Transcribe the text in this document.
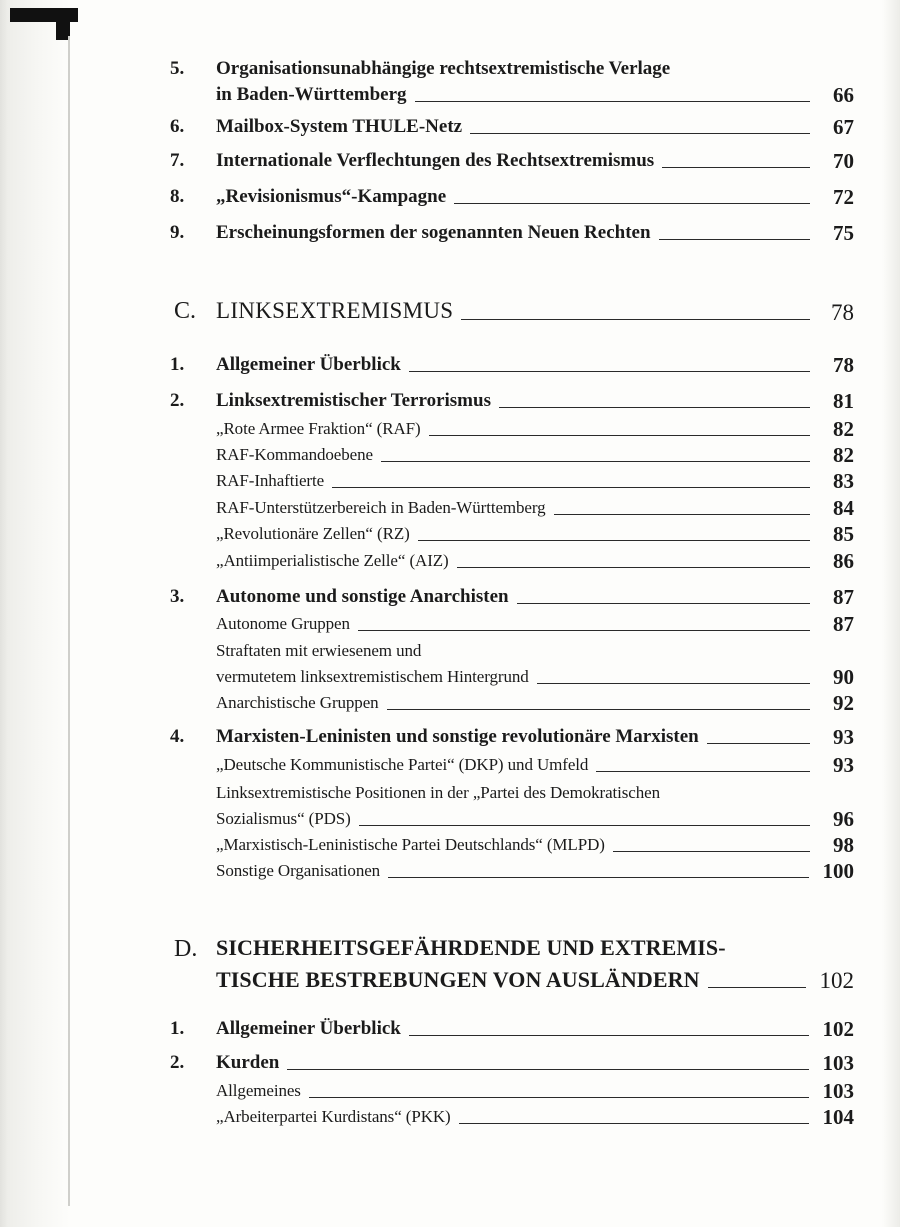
5. Organisationsunabhängige rechtsextremistische Verlage
in Baden-Württemberg	66
6. Mailbox-System THULE-Netz	67
7. Internationale Verflechtungen des Rechtsextremismus	70
8. „Revisionismus“-Kampagne	72
9. Erscheinungsformen der sogenannten Neuen Rechten	75
C. LINKSEXTREMISMUS	78
1. Allgemeiner Überblick	78
2. Linksextremistischer Terrorismus	81
„Rote Armee Fraktion“ (RAF)	82
RAF-Kommandoebene	82
RAF-Inhaftierte	83
RAF-Unterstützerbereich in Baden-Württemberg	84
„Revolutionäre Zellen“ (RZ)	85
„Antiimperialistische Zelle“ (AIZ)	86
3. Autonome und sonstige Anarchisten	87
Autonome Gruppen	87
Straftaten mit erwiesenem und
vermutetem linksextremistischem Hintergrund	90
Anarchistische Gruppen	92
4. Marxisten-Leninisten und sonstige revolutionäre Marxisten	93
„Deutsche Kommunistische Partei“ (DKP) und Umfeld	93
Linksextremistische Positionen in der „Partei des Demokratischen
Sozialismus“ (PDS)	96
„Marxistisch-Leninistische Partei Deutschlands“ (MLPD)	98
Sonstige Organisationen	100
D. SICHERHEITSGEFÄHRDENDE UND EXTREMIS-
TISCHE BESTREBUNGEN VON AUSLÄNDERN	102
1. Allgemeiner Überblick	102
2. Kurden	103
Allgemeines	103
„Arbeiterpartei Kurdistans“ (PKK)	104
